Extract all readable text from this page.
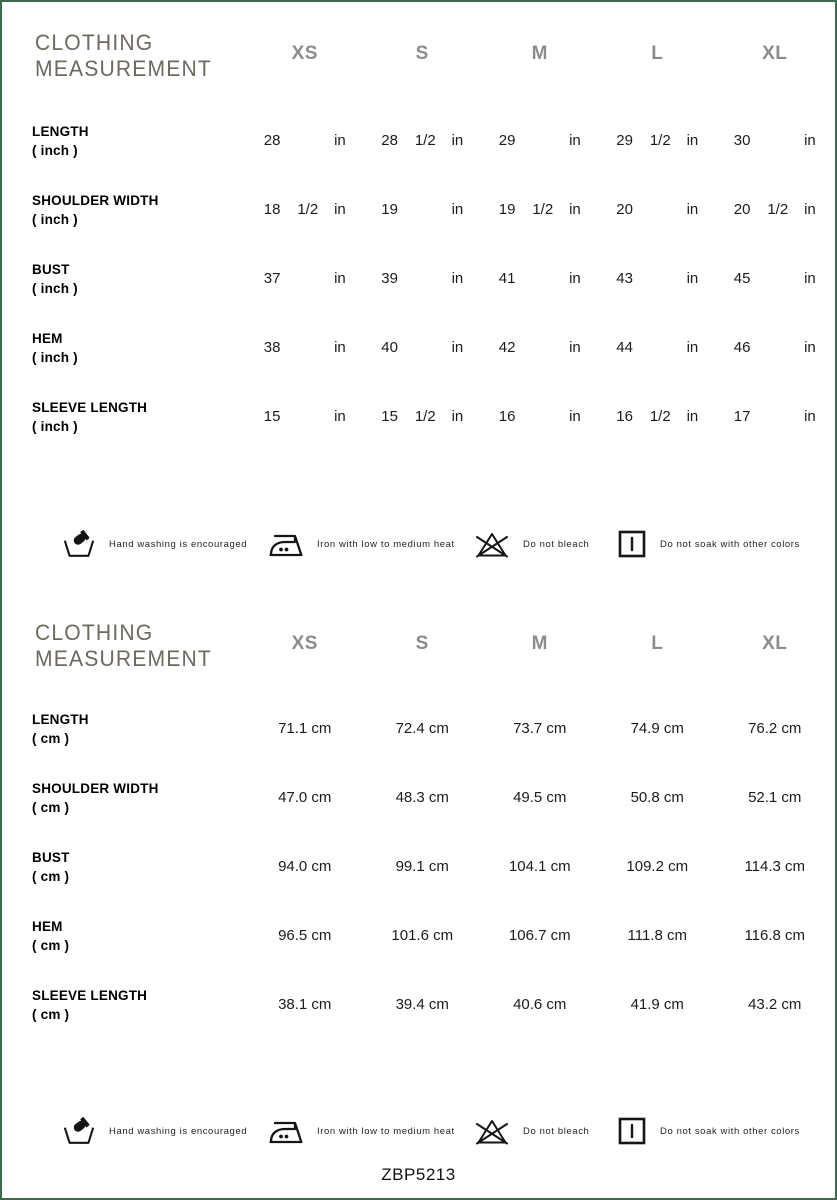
CLOTHING
MEASUREMENT
XS	S	M	L	XL
LENGTH
( inch )
28	in 28	1/2	in 29	in 29	1/2	in 30	in
SHOULDER WIDTH
( inch )
18	1/2	in 19	in 19	1/2	in 20	in 20	1/2	in
BUST
( inch )
37	in 39	in 41	in 43	in 45	in
HEM
( inch )
38	in 40	in 42	in 44	in 46	in
SLEEVE LENGTH
( inch )
15	in 15	1/2	in 16	in 16	1/2	in 17	in
Hand washing is encouraged	Iron with low to medium heat	Do not bleach	Do not soak with other colors
CLOTHING
MEASUREMENT
XS	S	M	L	XL
LENGTH
( cm )
71.1 cm	72.4 cm	73.7 cm	74.9 cm	76.2 cm
SHOULDER WIDTH
( cm )
47.0 cm	48.3 cm	49.5 cm	50.8 cm	52.1 cm
BUST
( cm )
94.0 cm	99.1 cm	104.1 cm	109.2 cm	114.3 cm
HEM
( cm )
96.5 cm	101.6 cm	106.7 cm	111.8 cm	116.8 cm
SLEEVE LENGTH
( cm )
38.1 cm	39.4 cm	40.6 cm	41.9 cm	43.2 cm
Hand washing is encouraged	Iron with low to medium heat	Do not bleach	Do not soak with other colors
ZBP5213
